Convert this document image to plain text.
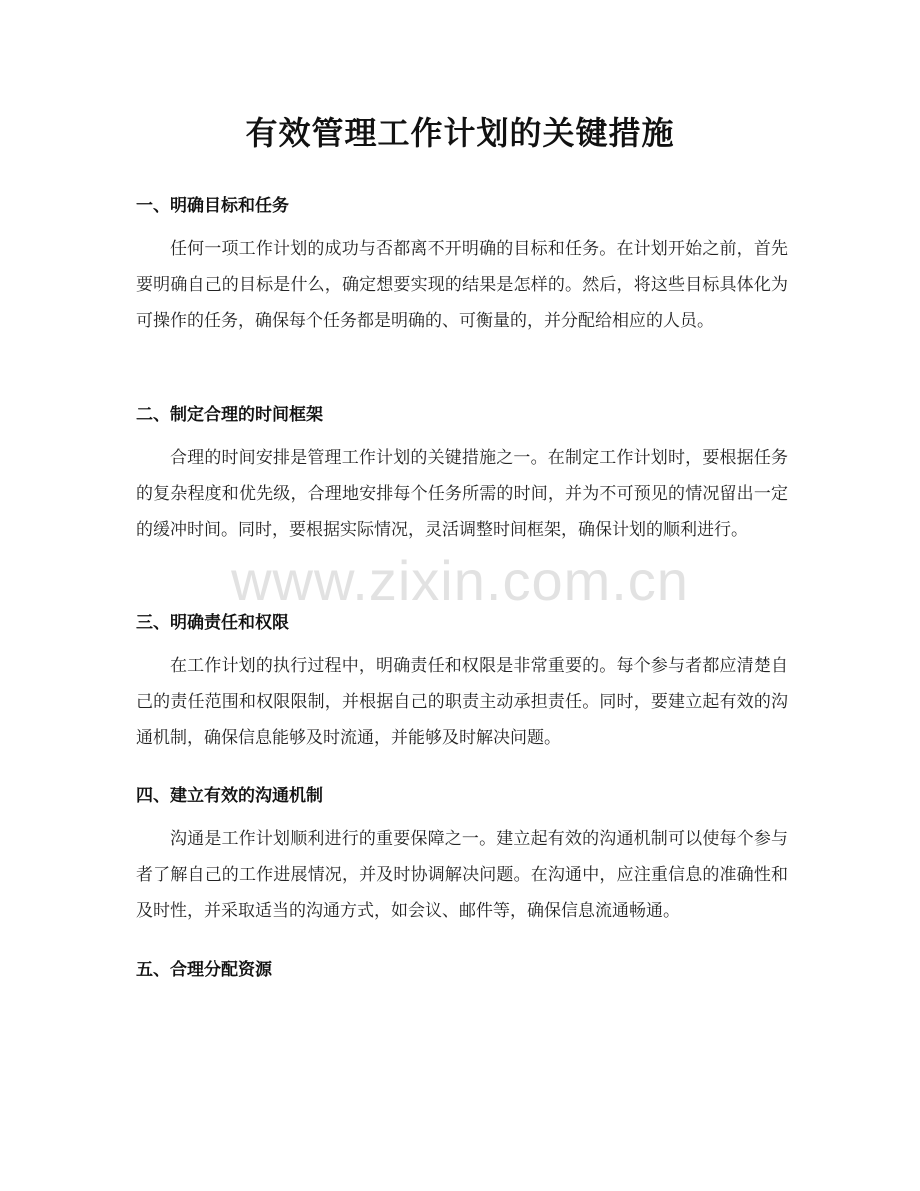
有效管理工作计划的关键措施
一、明确目标和任务
任何一项工作计划的成功与否都离不开明确的目标和任务。在计划开始之前，首先要明确自己的目标是什么，确定想要实现的结果是怎样的。然后，将这些目标具体化为可操作的任务，确保每个任务都是明确的、可衡量的，并分配给相应的人员。
二、制定合理的时间框架
合理的时间安排是管理工作计划的关键措施之一。在制定工作计划时，要根据任务的复杂程度和优先级，合理地安排每个任务所需的时间，并为不可预见的情况留出一定的缓冲时间。同时，要根据实际情况，灵活调整时间框架，确保计划的顺利进行。
www.zixin.com.cn
三、明确责任和权限
在工作计划的执行过程中，明确责任和权限是非常重要的。每个参与者都应清楚自己的责任范围和权限限制，并根据自己的职责主动承担责任。同时，要建立起有效的沟通机制，确保信息能够及时流通，并能够及时解决问题。
四、建立有效的沟通机制
沟通是工作计划顺利进行的重要保障之一。建立起有效的沟通机制可以使每个参与者了解自己的工作进展情况，并及时协调解决问题。在沟通中，应注重信息的准确性和及时性，并采取适当的沟通方式，如会议、邮件等，确保信息流通畅通。
五、合理分配资源
